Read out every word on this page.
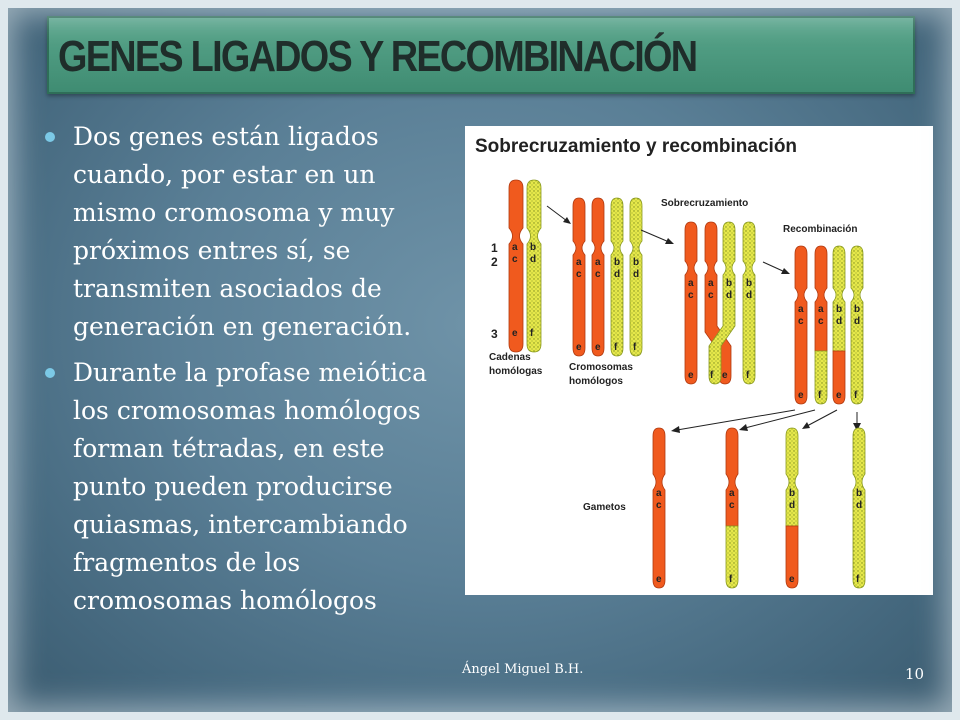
GENES LIGADOS Y RECOMBINACIÓN
Dos genes están ligados cuando, por estar en un mismo cromosoma y muy próximos entres sí, se transmiten asociados de generación en generación.
Durante la profase meiótica los cromosomas homólogos forman tétradas, en este punto pueden producirse quiasmas, intercambiando fragmentos de los cromosomas homólogos
Sobrecruzamiento y recombinación
1
2
3
a
c
e
b
d
f
Cadenas
homólogas
a
c
e
a
c
e
b
d
f
b
d
f
Cromosomas
homólogos
Sobrecruzamiento
a
c
e
a
c
f
b
d
e
b
d
f
Recombinación
a
c
e
a
c
f
b
d
e
b
d
f
Gametos
a
c
e
a
c
f
b
d
e
b
d
f
Ángel Miguel B.H.	10
